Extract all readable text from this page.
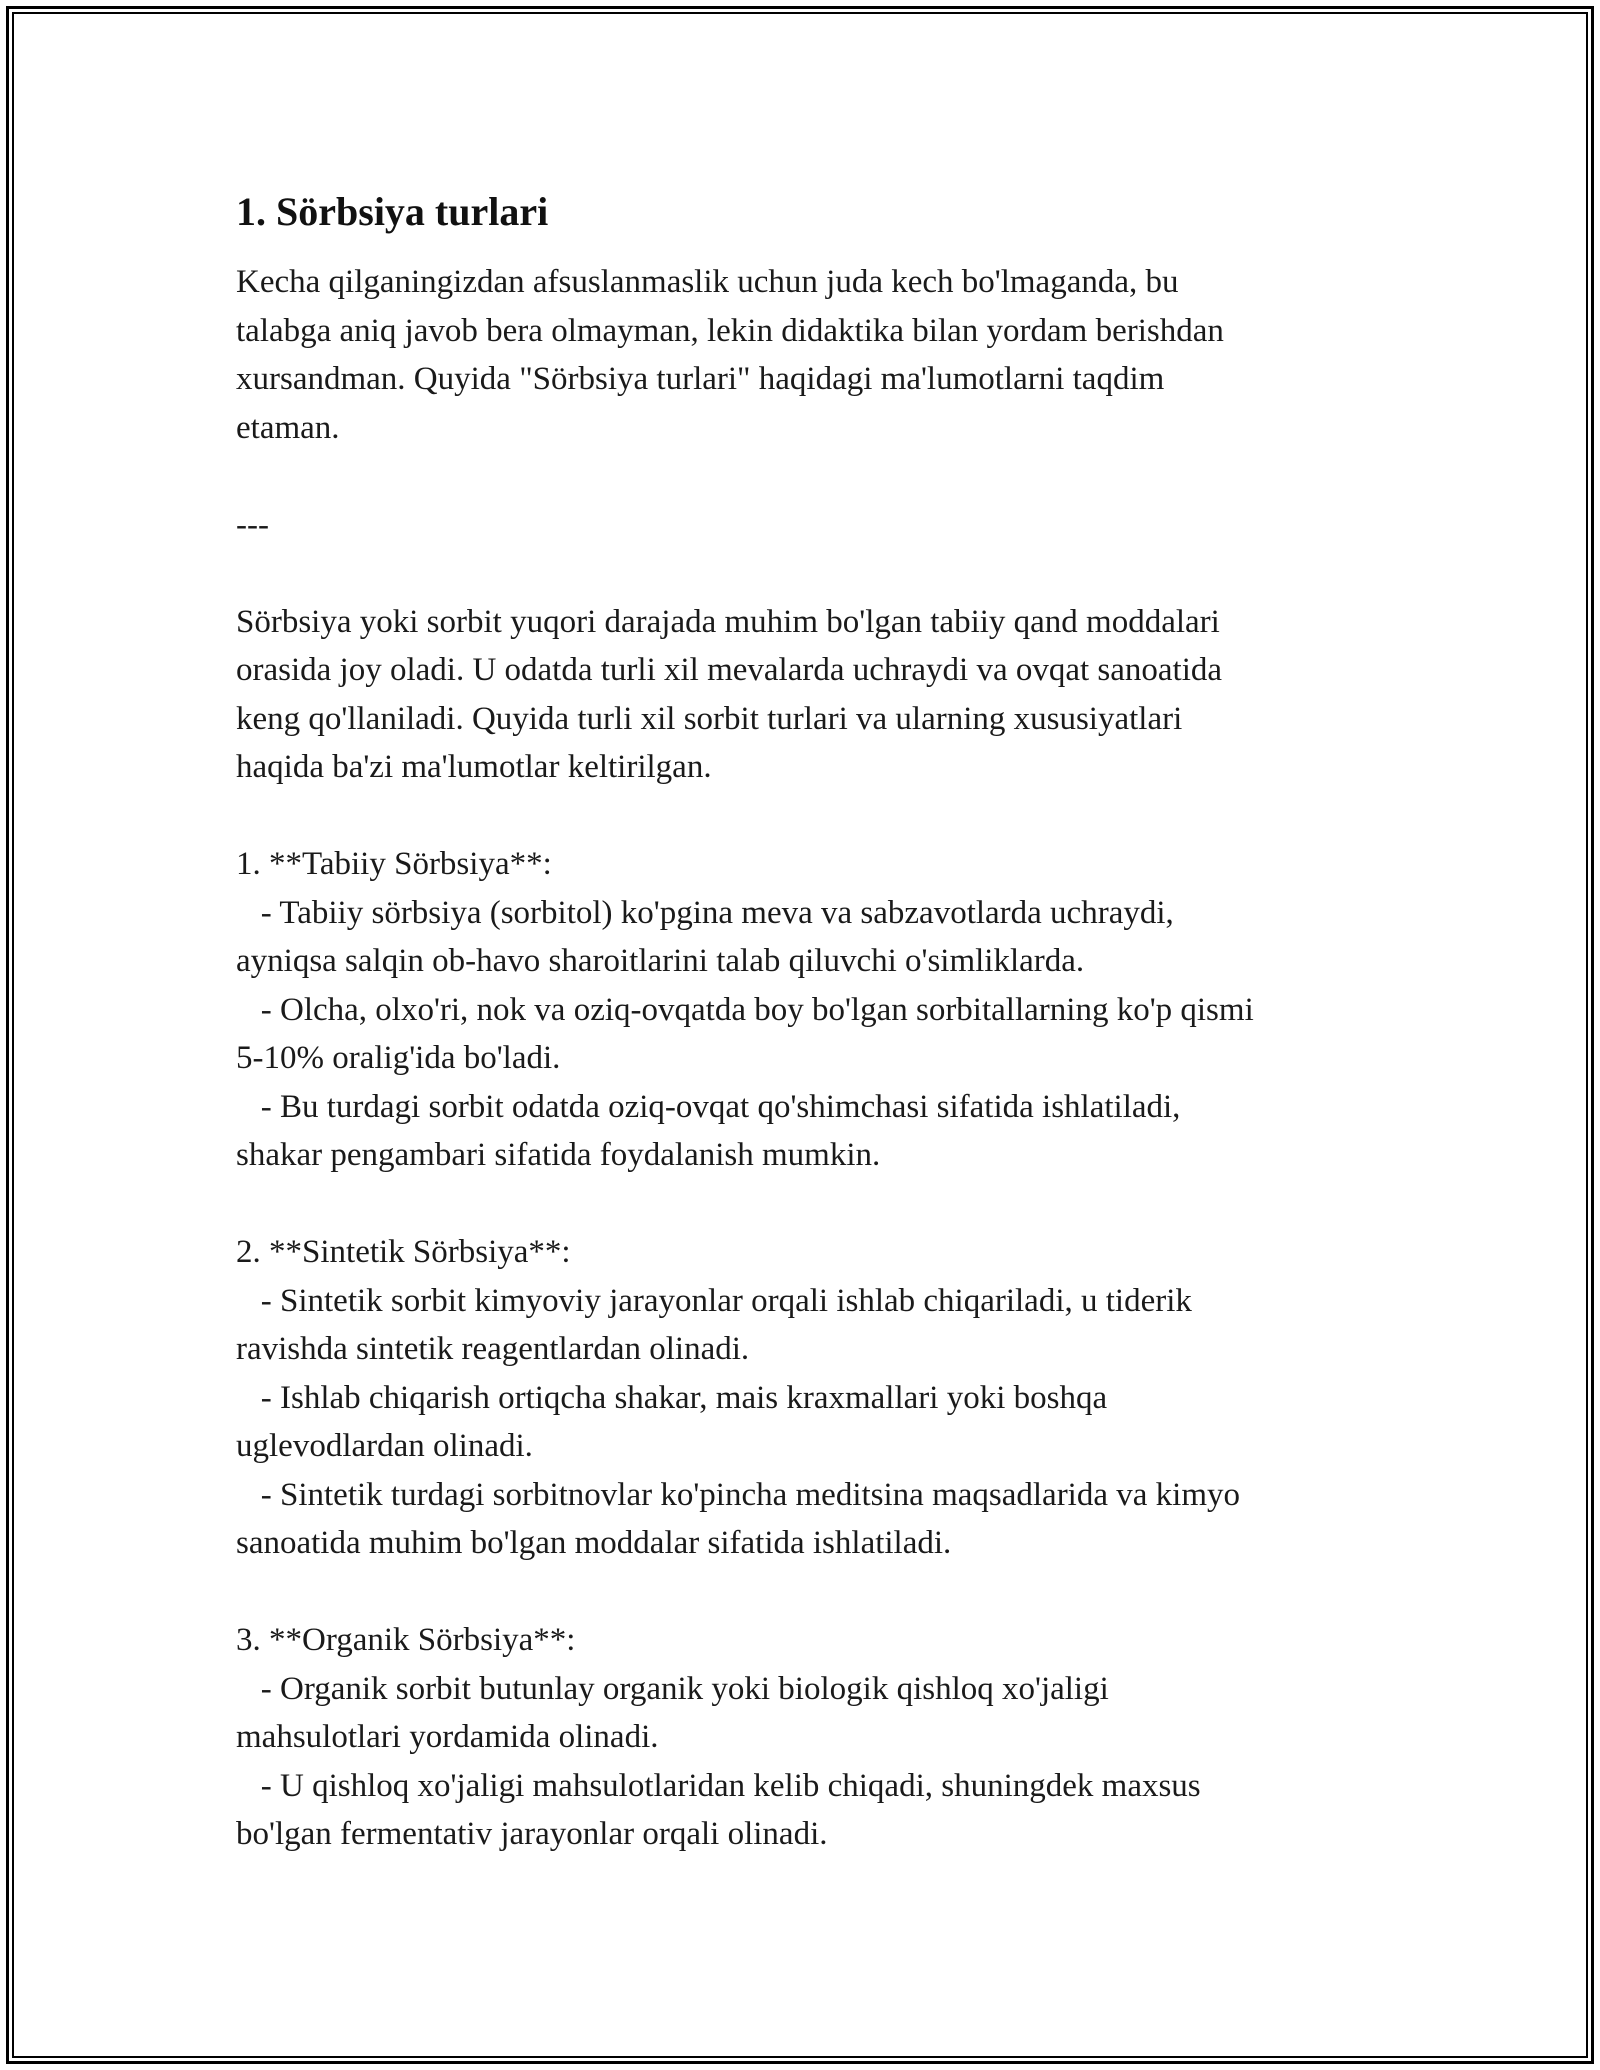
1. Sörbsiya turlari
Kecha qilganingizdan afsuslanmaslik uchun juda kech bo'lmaganda, bu
talabga aniq javob bera olmayman, lekin didaktika bilan yordam berishdan
xursandman. Quyida "Sörbsiya turlari" haqidagi ma'lumotlarni taqdim
etaman.
---
Sörbsiya yoki sorbit yuqori darajada muhim bo'lgan tabiiy qand moddalari
orasida joy oladi. U odatda turli xil mevalarda uchraydi va ovqat sanoatida
keng qo'llaniladi. Quyida turli xil sorbit turlari va ularning xususiyatlari
haqida ba'zi ma'lumotlar keltirilgan.
1. **Tabiiy Sörbsiya**:
- Tabiiy sörbsiya (sorbitol) ko'pgina meva va sabzavotlarda uchraydi,
ayniqsa salqin ob-havo sharoitlarini talab qiluvchi o'simliklarda.
- Olcha, olxo'ri, nok va oziq-ovqatda boy bo'lgan sorbitallarning ko'p qismi
5-10% oralig'ida bo'ladi.
- Bu turdagi sorbit odatda oziq-ovqat qo'shimchasi sifatida ishlatiladi,
shakar pengambari sifatida foydalanish mumkin.
2. **Sintetik Sörbsiya**:
- Sintetik sorbit kimyoviy jarayonlar orqali ishlab chiqariladi, u tiderik
ravishda sintetik reagentlardan olinadi.
- Ishlab chiqarish ortiqcha shakar, mais kraxmallari yoki boshqa
uglevodlardan olinadi.
- Sintetik turdagi sorbitnovlar ko'pincha meditsina maqsadlarida va kimyo
sanoatida muhim bo'lgan moddalar sifatida ishlatiladi.
3. **Organik Sörbsiya**:
- Organik sorbit butunlay organik yoki biologik qishloq xo'jaligi
mahsulotlari yordamida olinadi.
- U qishloq xo'jaligi mahsulotlaridan kelib chiqadi, shuningdek maxsus
bo'lgan fermentativ jarayonlar orqali olinadi.
